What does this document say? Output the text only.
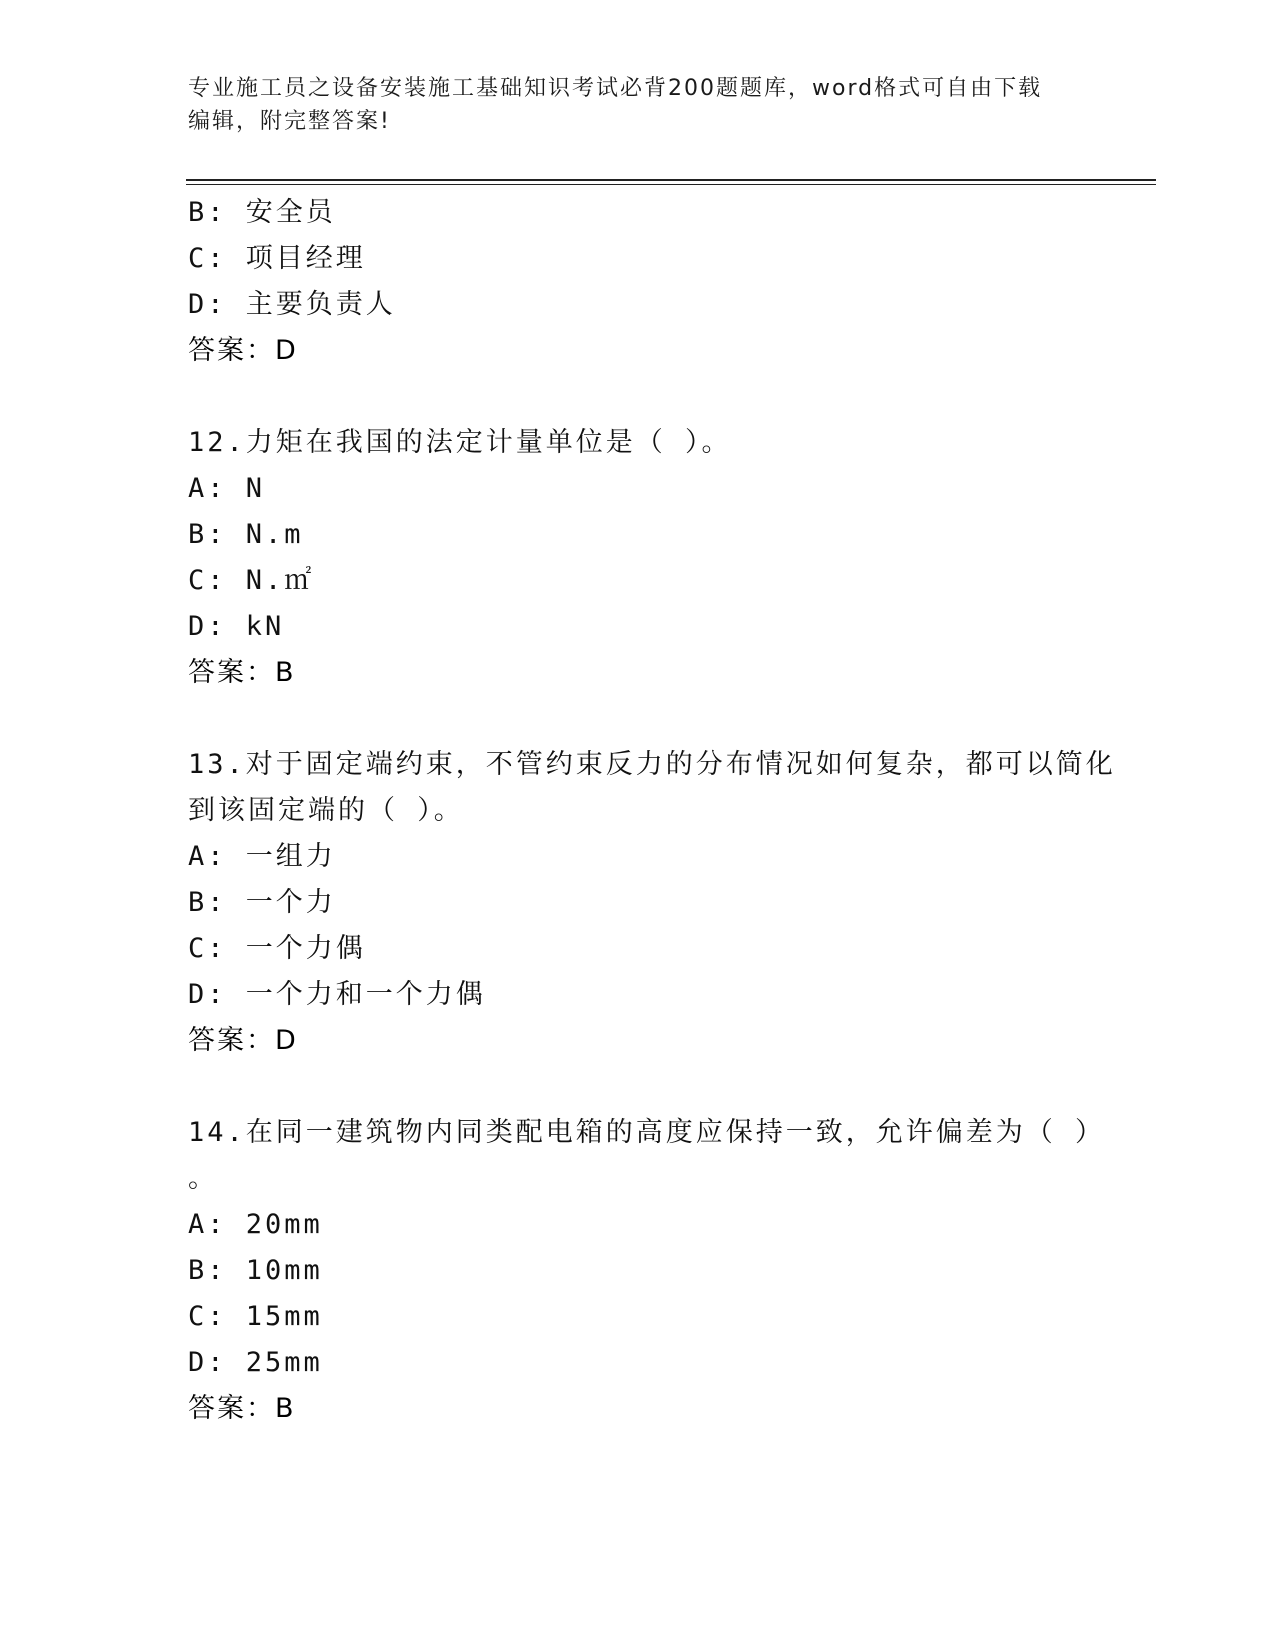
专业施工员之设备安装施工基础知识考试必背200题题库，word格式可自由下载
编辑，附完整答案!
B: 安全员
C: 项目经理
D: 主要负责人
答案：D
12.力矩在我国的法定计量单位是（ ）。
A: N
B: N.m
C: N.㎡
D: kN
答案：B
13.对于固定端约束，不管约束反力的分布情况如何复杂，都可以简化
到该固定端的（ ）。
A: 一组力
B: 一个力
C: 一个力偶
D: 一个力和一个力偶
答案：D
14.在同一建筑物内同类配电箱的高度应保持一致，允许偏差为（ ）
。
A: 20mm
B: 10mm
C: 15mm
D: 25mm
答案：B
